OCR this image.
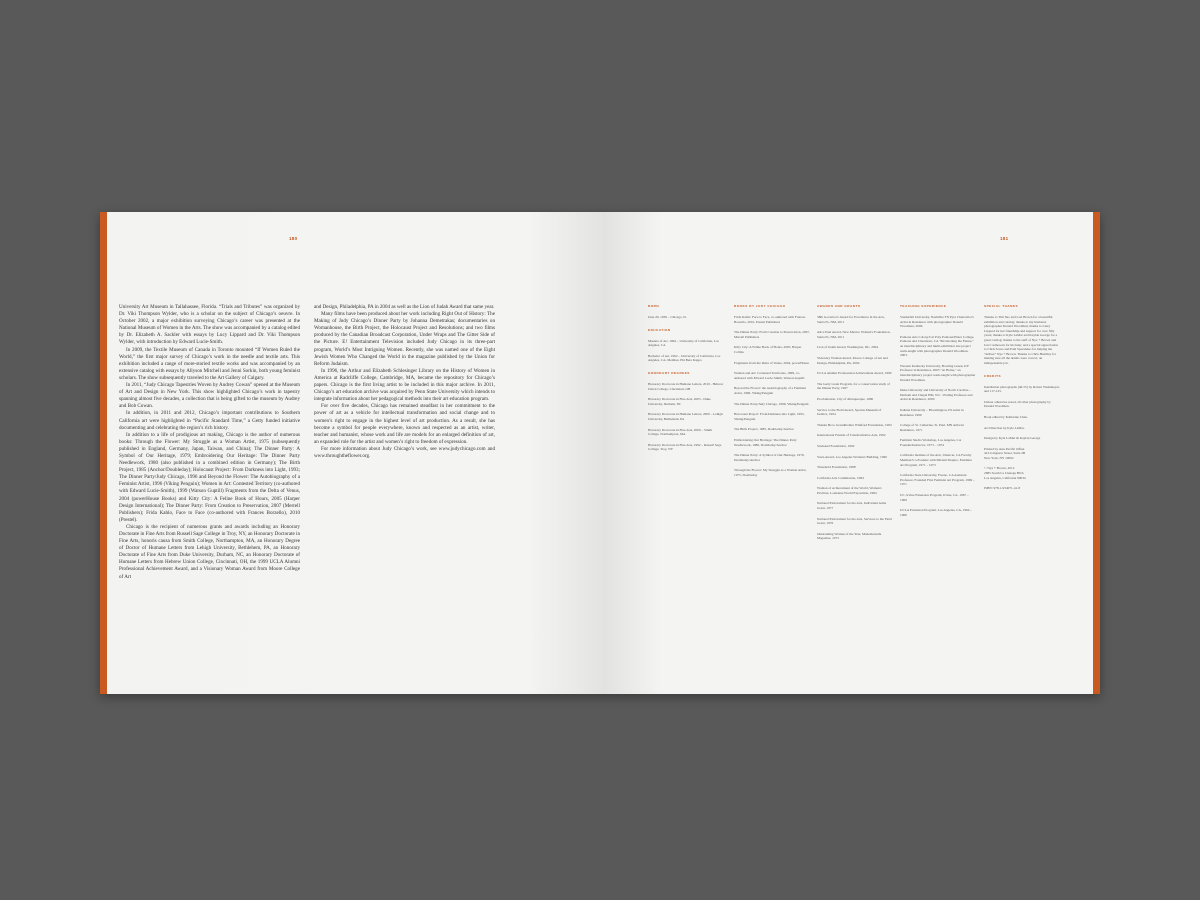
180

University Art Museum in Tallahassee, Florida. “Trials and Tributes” was organized by Dr. Viki Thompson Wylder, who is a scholar on the subject of Chicago’s oeuvre. In October 2002, a major exhibition surveying Chicago’s career was presented at the National Museum of Women in the Arts. The show was accompanied by a catalog edited by Dr. Elizabeth A. Sackler with essays by Lucy Lippard and Dr. Viki Thompson Wylder, with introduction by Edward Lucie-Smith.

In 2009, the Textile Museum of Canada in Toronto mounted “If Women Ruled the World,” the first major survey of Chicago’s work in the needle and textile arts. This exhibition included a range of more-storied textile works and was accompanied by an extensive catalog with essays by Allyson Mitchell and Jenni Sorkin, both young feminist scholars. The show subsequently traveled to the Art Gallery of Calgary.

In 2011, “Judy Chicago Tapestries Woven by Audrey Cowan” opened at the Museum of Art and Design in New York. This show highlighted Chicago’s work in tapestry spanning almost five decades, a collection that is being gifted to the museum by Audrey and Bob Cowan.

In addition, in 2011 and 2012, Chicago’s important contributions to Southern California art were highlighted in “Pacific Standard Time,” a Getty funded initiative documenting and celebrating the region’s rich history.

In addition to a life of prodigious art making, Chicago is the author of numerous books: Through the Flower: My Struggle as a Woman Artist, 1975 (subsequently published in England, Germany, Japan, Taiwan, and China); The Dinner Party: A Symbol of Our Heritage, 1979; Embroidering Our Heritage: The Dinner Party Needlework, 1980 (also published in a combined edition in Germany); The Birth Project, 1985 (Anchor/Doubleday); Holocaust Project: From Darkness into Light, 1993; The Dinner Party/Judy Chicago, 1996 and Beyond the Flower: The Autobiography of a Feminist Artist, 1996 (Viking Penguin); Women in Art: Contested Territory (co-authored with Edward Lucie-Smith), 1999 (Watson Guptill) Fragments from the Delta of Venus, 2004 (powerHouse Books) and Kitty City: A Feline Book of Hours, 2005 (Harper Design International); The Dinner Party: From Creation to Preservation, 2007 (Merrell Publishers); Frida Kahlo, Face to Face (co-authored with Frances Borzello), 2010 (Prestel).

Chicago is the recipient of numerous grants and awards including an Honorary Doctorate in Fine Arts from Russell Sage College in Troy, NY, an Honorary Doctorate in Fine Arts, honoris causa from Smith College, Northampton, MA, an Honorary Degree of Doctor of Humane Letters from Lehigh University, Bethlehem, PA, an Honorary Doctorate of Fine Arts from Duke University, Durham, NC, an Honorary Doctorate of Humane Letters from Hebrew Union College, Cincinnati, OH, the 1999 UCLA Alumni Professional Achievement Award, and a Visionary Woman Award from Moore College of Art

and Design, Philadelphia, PA in 2004 as well as the Lion of Judah Award that same year.

Many films have been produced about her work including Right Out of History: The Making of Judy Chicago’s Dinner Party by Johanna Demetrakas; documentaries on Womanhouse, the Birth Project, the Holocaust Project and Resolutions; and two films produced by the Canadian Broadcast Corporation, Under Wraps and The Gitter Side of the Picture. E! Entertainment Television included Judy Chicago in its three-part program, World’s Most Intriguing Women. Recently, she was named one of the Eight Jewish Women Who Changed the World in the magazine published by the Union for Reform Judaism.

In 1996, the Arthur and Elizabeth Schlesinger Library on the History of Women in America at Radcliffe College, Cambridge, MA, became the repository for Chicago’s papers. Chicago is the first living artist to be included in this major archive. In 2011, Chicago’s art education archive was acquired by Penn State University which intends to integrate information about her pedagogical methods into their art education program.

For over five decades, Chicago has remained steadfast in her commitment to the power of art as a vehicle for intellectual transformation and social change and to women’s right to engage in the highest level of art production. As a result, she has become a symbol for people everywhere, known and respected as an artist, writer, teacher and humanist, whose work and life are models for an enlarged definition of art, an expanded role for the artist and women’s right to freedom of expression.

For more information about Judy Chicago’s work, see www.judychicago.com and www.throughtheflower.org.

181
BORN
June 20, 1939 – Chicago, IL
EDUCATION
Masters of Art, 1964 – University of California, Los Angeles, CA
Bachelor of Art, 1962 – University of California, Los Angeles, CA, Member, Phi Beta Kappa
HONORARY DEGREES
Honorary Doctorate in Humane Letters, 2010 - Hebrew Union College, Cincinnati, OH
Honorary Doctorate in Fine Arts, 2003 - Duke University, Durham, NC
Honorary Doctorate in Humane Letters, 2000 – Lehigh University, Bethlehem, PA
Honorary Doctorate in Fine Arts, 2000 – Smith College, Northampton, MA
Honorary Doctorate in Fine Arts, 1992 – Russell Sage College, Troy, NY
BOOKS BY JUDY CHICAGO
Frida Kahlo: Face to Face, co-authored with Frances Borzello, 2010, Prestel Publishers
The Dinner Party: From Creation to Preservation, 2007, Merrell Publishers
Kitty City: A Feline Book of Hours, 2005, Harper Collins
Fragments from the Delta of Venus, 2004, powerHouse
Women and Art: Contested Territories, 1999, co-authored with Edward Lucie-Smith, Watson-Guptill
Beyond the Flower: the Autobiography of a Feminist Artist, 1996, Viking/Penguin
The Dinner Party/Judy Chicago, 1996, Viking/Penguin
Holocaust Project: From Darkness into Light, 1993, Viking/Penguin
The Birth Project, 1985, Doubleday/Anchor
Embroidering Our Heritage: The Dinner Party Needlework, 1980, Doubleday/Anchor
The Dinner Party: A Symbol of Our Heritage, 1979, Doubleday/Anchor
Through the Flower: My Struggle as a Woman Artist, 1975, Doubleday
AWARDS AND GRANTS
38th Governor's Award for Excellence in the Arts, Santa Fe, NM, 2011
Alice Paul Award, New Mexico Women's Foundation, Santa Fe, NM, 2011
Lion of Judah Award, Washington, DC, 2004
Visionary Woman Award, Moore College of Art and Design, Philadelphia, PA, 2004
UCLA Alumni Professional Achievement Award, 1999
The Getty Grant Program, for a conservation study of the Dinner Party, 1997
Proclamation, City of Albuquerque, 1996
Service to the Field Award, Spertus Museum of Judaica, 1994
Thanks Be to Grandmother Winifred Foundation, 1993
International Friends of Transformative Arts, 1992
Streisand Foundation, 1992
Vesta Award, Los Angeles Woman's Building, 1990
Threshold Foundation, 1988
California Arts Commission, 1984
Woman of Achievement of the World, Women's Pavilion, Louisiana World Exposition, 1984
National Endowment for the Arts, Individual Artist Grant, 1977
National Endowment for the Arts, Services to the Field Grant, 1976
Outstanding Woman of the Year, Mademoiselle Magazine, 1973
TEACHING EXPERIENCE
Vanderbilt University, Nashville TN Pyre Chancellor's Artist in Residence with photographer Donald Woodman, 2006.
Pomona Arts Colony/Cal Poly Pomona/Pitzer College, Pomona and Claremont, CA "Envisioning the Future," an interdisciplinary and multi-exhibition site project team-taught with photographer Donald Woodman, 2003.
Western Kentucky University, Bowling Green, KY Professor in Residence, 2005 "At Home," an interdisciplinary project team-taught with photographer Donald Woodman.
Duke University and University of North Carolina – Durham and Chapel Hill, N.C. Visiting Professor and Artist in Residence, 2000
Indiana University – Bloomington, IN Artist in Residence 1999
College of St. Catherine, St. Paul, MN Artist in Residence, 1971
Feminist Studio Workshop, Los Angeles, CA Founder/Instructor, 1973 – 1974
California Institute of the Arts, Valencia, CA Faculty Member/Co-Founder with Miriam Shapiro, Feminist Art Program, 1971 – 1973
California State University, Fresno, CA Assistant Professor, Founded First Feminist Art Program, 1969 – 1971
UC, Irvine Extension Program, Irvine, CA, 1967 – 1969
UCLA Extension Program, Los Angeles, CA, 1964 – 1966
SPECIAL THANKS
Thanks to Tim Sko and Lori Brown for a beautiful exhibition and catalog; thanks to my husband, photographer Donald Woodman; thanks to Lizzy Lippard for her friendship and support for over fifty years; thanks to Kyle LaMar and Kaylan George for a great catalog; thanks to the staff of Nye + Brown and Jon Cosmowen for his help; and a special appreciation to Chris Sosso and Pam Sperandeo for helping me "deliver" Nye + Brown. Thanks to Chris Hendley for making sure all the details were correct, an indispensable job.
CREDITS
Installation photographs (46-55) by Robert Wedemeyer, and 117-125.
Unless otherwise noted, all other photography by Donald Woodman.
Book edited by Katharine Chan.
Art Direction by Kyle LaMar.
Design by Kyle LaMar & Kaylan George
Printed by Asia Pacific Offset
42 Livingston Street, Suite 2B
New York, NY 10002
© Nye + Brown, 2012
2685 South La Cienega Blvd.
Los Angeles, California 90034
ISBN: 978-1-934071-41-8
